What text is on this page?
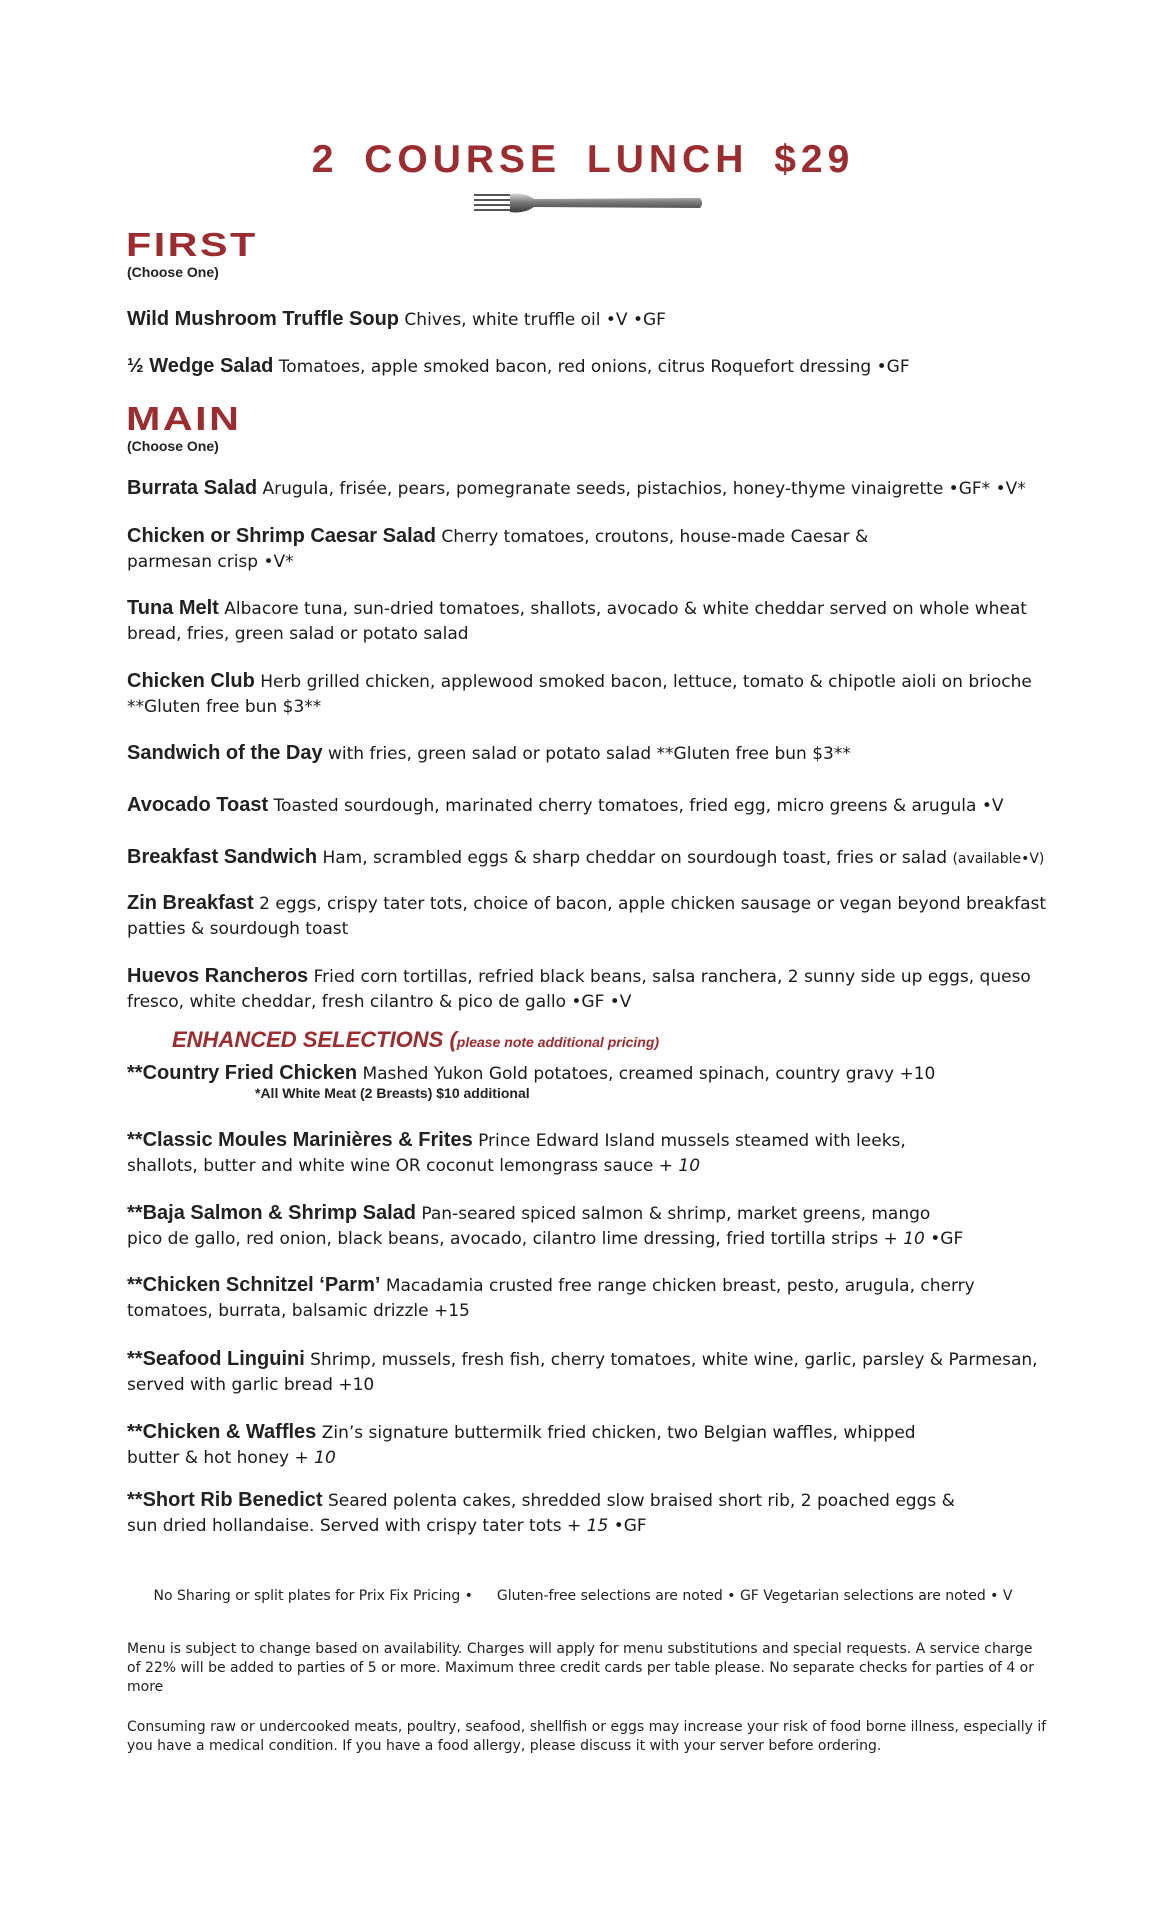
2 COURSE LUNCH $29
FIRST
(Choose One)
Wild Mushroom Truffle Soup Chives, white truffle oil •V •GF
½ Wedge Salad Tomatoes, apple smoked bacon, red onions, citrus Roquefort dressing •GF
MAIN
(Choose One)
Burrata Salad Arugula, frisée, pears, pomegranate seeds, pistachios, honey-thyme vinaigrette •GF* •V*
Chicken or Shrimp Caesar Salad Cherry tomatoes, croutons, house-made Caesar &
parmesan crisp •V*
Tuna Melt Albacore tuna, sun-dried tomatoes, shallots, avocado & white cheddar served on whole wheat
bread, fries, green salad or potato salad
Chicken Club Herb grilled chicken, applewood smoked bacon, lettuce, tomato & chipotle aioli on brioche
**Gluten free bun $3**
Sandwich of the Day with fries, green salad or potato salad **Gluten free bun $3**
Avocado Toast Toasted sourdough, marinated cherry tomatoes, fried egg, micro greens & arugula •V
Breakfast Sandwich Ham, scrambled eggs & sharp cheddar on sourdough toast, fries or salad (available•V)
Zin Breakfast 2 eggs, crispy tater tots, choice of bacon, apple chicken sausage or vegan beyond breakfast
patties & sourdough toast
Huevos Rancheros Fried corn tortillas, refried black beans, salsa ranchera, 2 sunny side up eggs, queso
fresco, white cheddar, fresh cilantro & pico de gallo •GF •V
ENHANCED SELECTIONS (please note additional pricing)
**Country Fried Chicken Mashed Yukon Gold potatoes, creamed spinach, country gravy +10
*All White Meat (2 Breasts) $10 additional
**Classic Moules Marinières & Frites Prince Edward Island mussels steamed with leeks,
shallots, butter and white wine OR coconut lemongrass sauce + 10
**Baja Salmon & Shrimp Salad Pan-seared spiced salmon & shrimp, market greens, mango
pico de gallo, red onion, black beans, avocado, cilantro lime dressing, fried tortilla strips + 10 •GF
**Chicken Schnitzel ‘Parm’ Macadamia crusted free range chicken breast, pesto, arugula, cherry
tomatoes, burrata, balsamic drizzle +15
**Seafood Linguini Shrimp, mussels, fresh fish, cherry tomatoes, white wine, garlic, parsley & Parmesan,
served with garlic bread +10
**Chicken & Waffles Zin’s signature buttermilk fried chicken, two Belgian waffles, whipped
butter & hot honey + 10
**Short Rib Benedict Seared polenta cakes, shredded slow braised short rib, 2 poached eggs &
sun dried hollandaise. Served with crispy tater tots + 15 •GF
No Sharing or split plates for Prix Fix Pricing • Gluten-free selections are noted • GF Vegetarian selections are noted • V
Menu is subject to change based on availability. Charges will apply for menu substitutions and special requests. A service charge of 22% will be added to parties of 5 or more. Maximum three credit cards per table please. No separate checks for parties of 4 or more
Consuming raw or undercooked meats, poultry, seafood, shellfish or eggs may increase your risk of food borne illness, especially if you have a medical condition. If you have a food allergy, please discuss it with your server before ordering.
